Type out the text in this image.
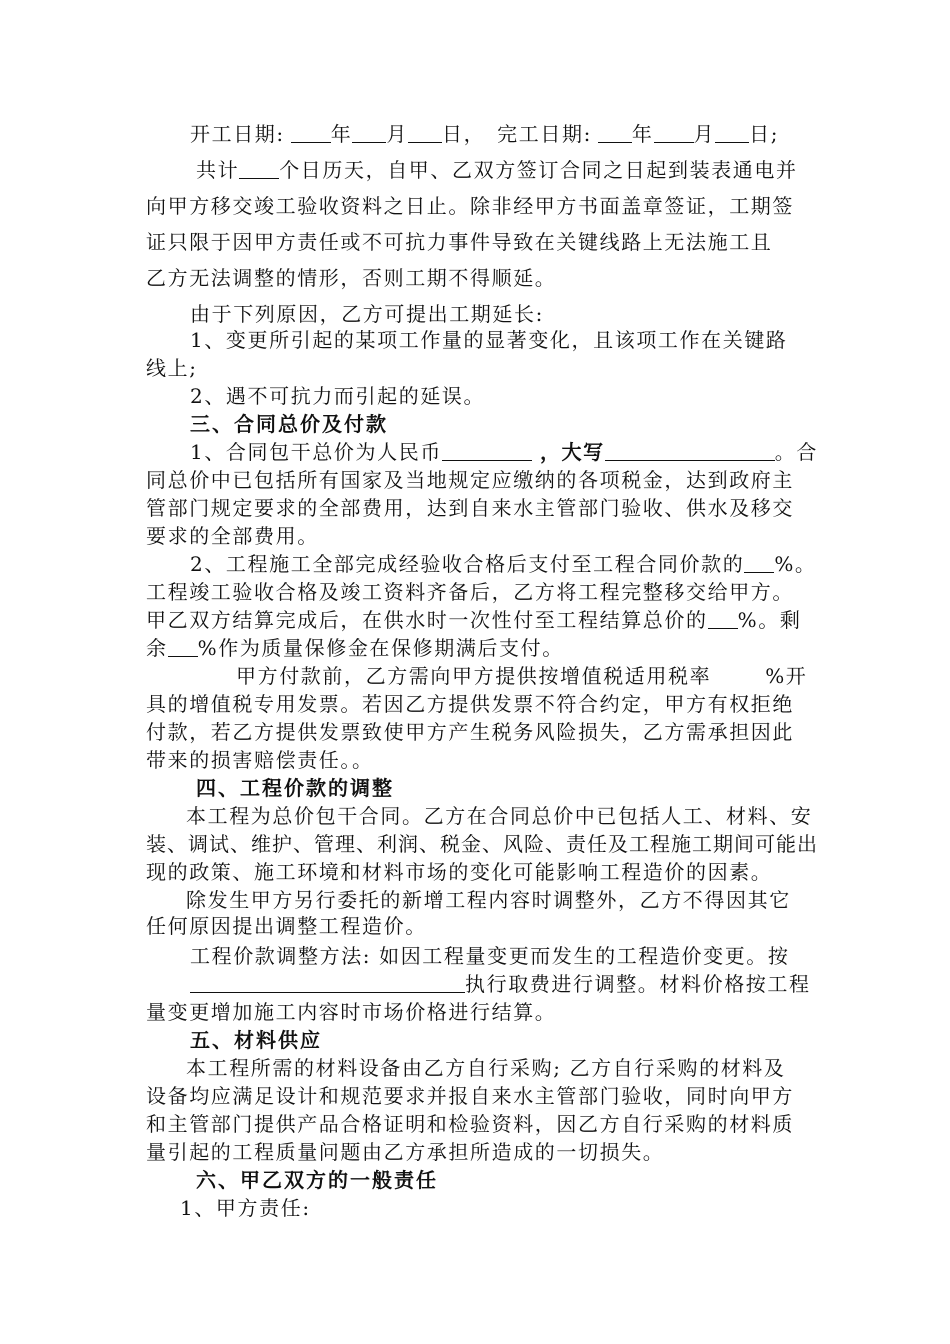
开工日期: 年 月 日， 完工日期: 年 月 日;
共计 个日历天，自甲、乙双方签订合同之日起到装表通电并
向甲方移交竣工验收资料之日止。除非经甲方书面盖章签证，工期签
证只限于因甲方责任或不可抗力事件导致在关键线路上无法施工且
乙方无法调整的情形，否则工期不得顺延。
由于下列原因，乙方可提出工期延长:
1、变更所引起的某项工作量的显著变化，且该项工作在关键路
线上;
2、遇不可抗力而引起的延误。
三、合同总价及付款
1、合同包干总价为人民币	，大写	。合
同总价中已包括所有国家及当地规定应缴纳的各项税金，达到政府主
管部门规定要求的全部费用，达到自来水主管部门验收、供水及移交
要求的全部费用。
2、工程施工全部完成经验收合格后支付至工程合同价款的 %。
工程竣工验收合格及竣工资料齐备后，乙方将工程完整移交给甲方。
甲乙双方结算完成后，在供水时一次性付至工程结算总价的 %。剩
余 %作为质量保修金在保修期满后支付。
甲方付款前，乙方需向甲方提供按增值税适用税率	%开
具的增值税专用发票。若因乙方提供发票不符合约定，甲方有权拒绝
付款，若乙方提供发票致使甲方产生税务风险损失，乙方需承担因此
带来的损害赔偿责任。。
四、工程价款的调整
本工程为总价包干合同。乙方在合同总价中已包括人工、材料、安
装、调试、维护、管理、利润、税金、风险、责任及工程施工期间可能出
现的政策、施工环境和材料市场的变化可能影响工程造价的因素。
除发生甲方另行委托的新增工程内容时调整外，乙方不得因其它
任何原因提出调整工程造价。
工程价款调整方法: 如因工程量变更而发生的工程造价变更。按
执行取费进行调整。材料价格按工程
量变更增加施工内容时市场价格进行结算。
五、材料供应
本工程所需的材料设备由乙方自行采购; 乙方自行采购的材料及
设备均应满足设计和规范要求并报自来水主管部门验收，同时向甲方
和主管部门提供产品合格证明和检验资料，因乙方自行采购的材料质
量引起的工程质量问题由乙方承担所造成的一切损失。
六、甲乙双方的一般责任
1、甲方责任:
